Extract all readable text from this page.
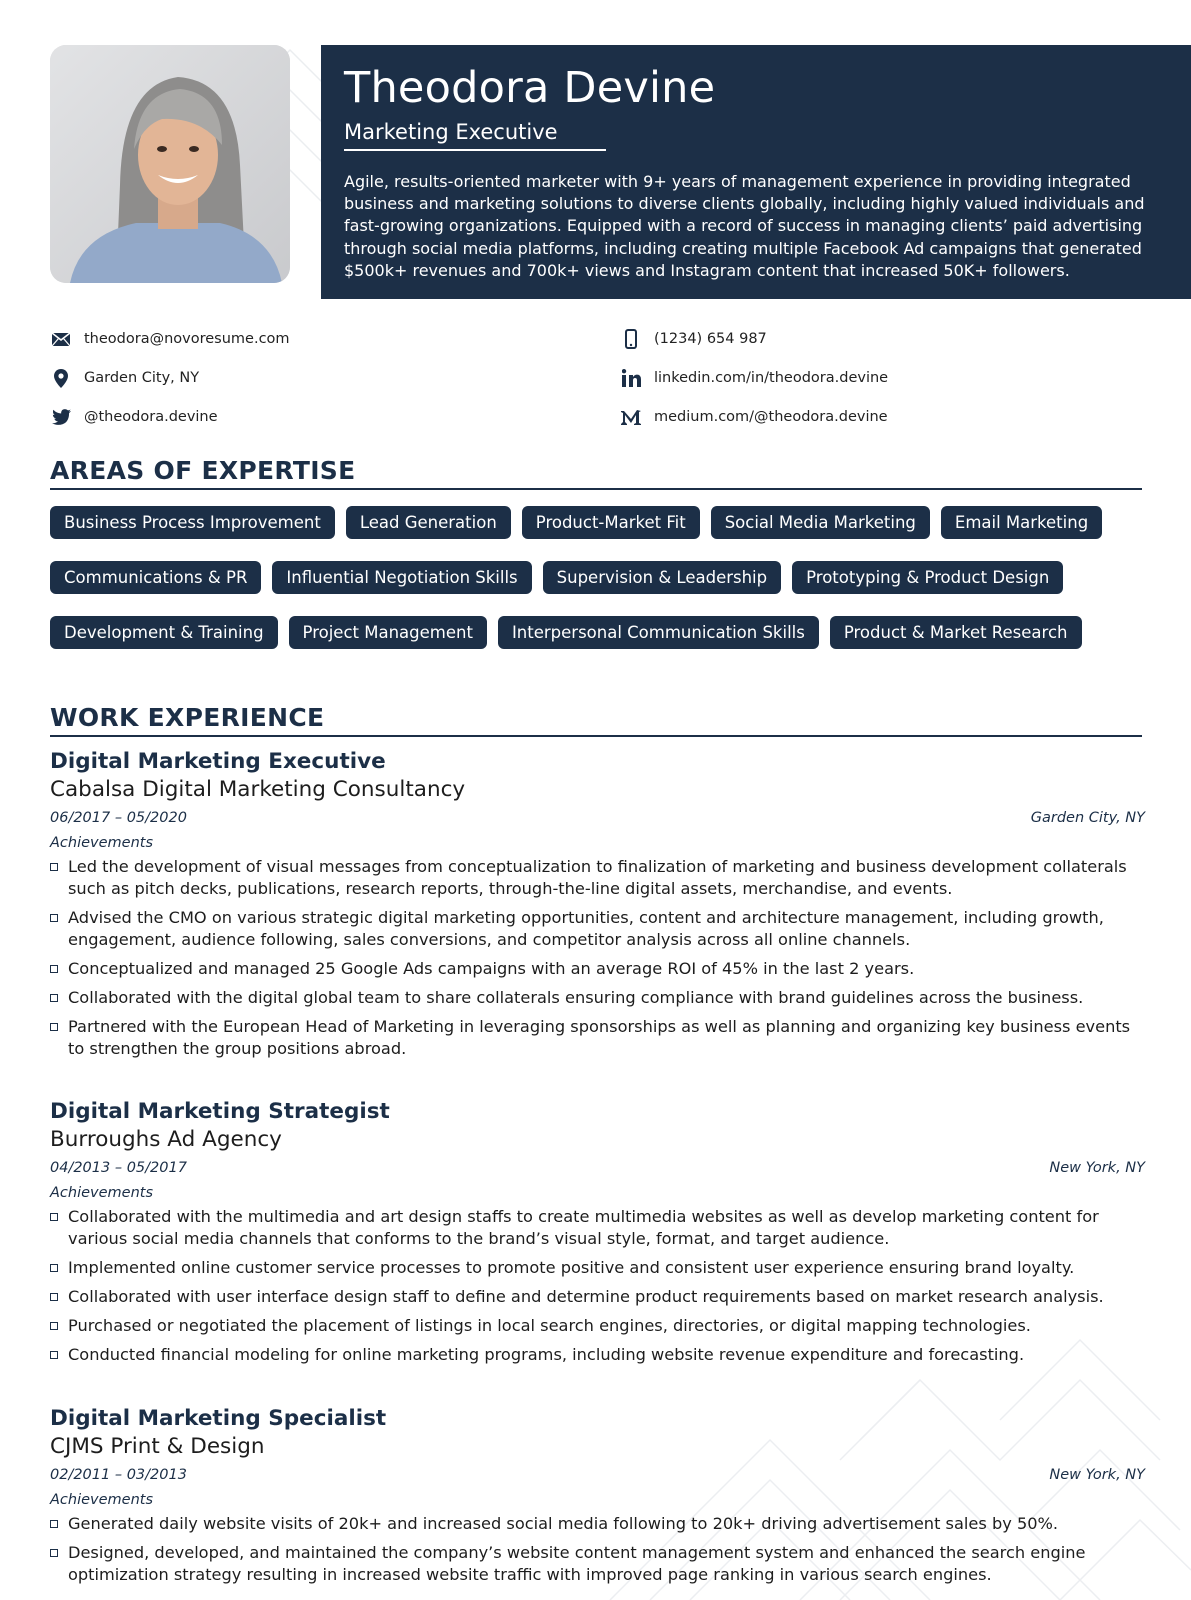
Theodora Devine
Marketing Executive
Agile, results-oriented marketer with 9+ years of management experience in providing integrated business and marketing solutions to diverse clients globally, including highly valued individuals and fast-growing organizations. Equipped with a record of success in managing clients’ paid advertising through social media platforms, including creating multiple Facebook Ad campaigns that generated $500k+ revenues and 700k+ views and Instagram content that increased 50K+ followers.
theodora@novoresume.com	(1234) 654 987
Garden City, NY	linkedin.com/in/theodora.devine
@theodora.devine	medium.com/@theodora.devine
AREAS OF EXPERTISE
Business Process Improvement	Lead Generation	Product-Market Fit	Social Media Marketing	Email Marketing
Communications & PR	Influential Negotiation Skills	Supervision & Leadership	Prototyping & Product Design
Development & Training	Project Management	Interpersonal Communication Skills	Product & Market Research
WORK EXPERIENCE
Digital Marketing Executive
Cabalsa Digital Marketing Consultancy
06/2017 – 05/2020	Garden City, NY
Achievements
Led the development of visual messages from conceptualization to finalization of marketing and business development collaterals such as pitch decks, publications, research reports, through-the-line digital assets, merchandise, and events.
Advised the CMO on various strategic digital marketing opportunities, content and architecture management, including growth, engagement, audience following, sales conversions, and competitor analysis across all online channels.
Conceptualized and managed 25 Google Ads campaigns with an average ROI of 45% in the last 2 years.
Collaborated with the digital global team to share collaterals ensuring compliance with brand guidelines across the business.
Partnered with the European Head of Marketing in leveraging sponsorships as well as planning and organizing key business events to strengthen the group positions abroad.
Digital Marketing Strategist
Burroughs Ad Agency
04/2013 – 05/2017	New York, NY
Achievements
Collaborated with the multimedia and art design staffs to create multimedia websites as well as develop marketing content for various social media channels that conforms to the brand’s visual style, format, and target audience.
Implemented online customer service processes to promote positive and consistent user experience ensuring brand loyalty.
Collaborated with user interface design staff to define and determine product requirements based on market research analysis.
Purchased or negotiated the placement of listings in local search engines, directories, or digital mapping technologies.
Conducted financial modeling for online marketing programs, including website revenue expenditure and forecasting.
Digital Marketing Specialist
CJMS Print & Design
02/2011 – 03/2013	New York, NY
Achievements
Generated daily website visits of 20k+ and increased social media following to 20k+ driving advertisement sales by 50%.
Designed, developed, and maintained the company’s website content management system and enhanced the search engine optimization strategy resulting in increased website traffic with improved page ranking in various search engines.
